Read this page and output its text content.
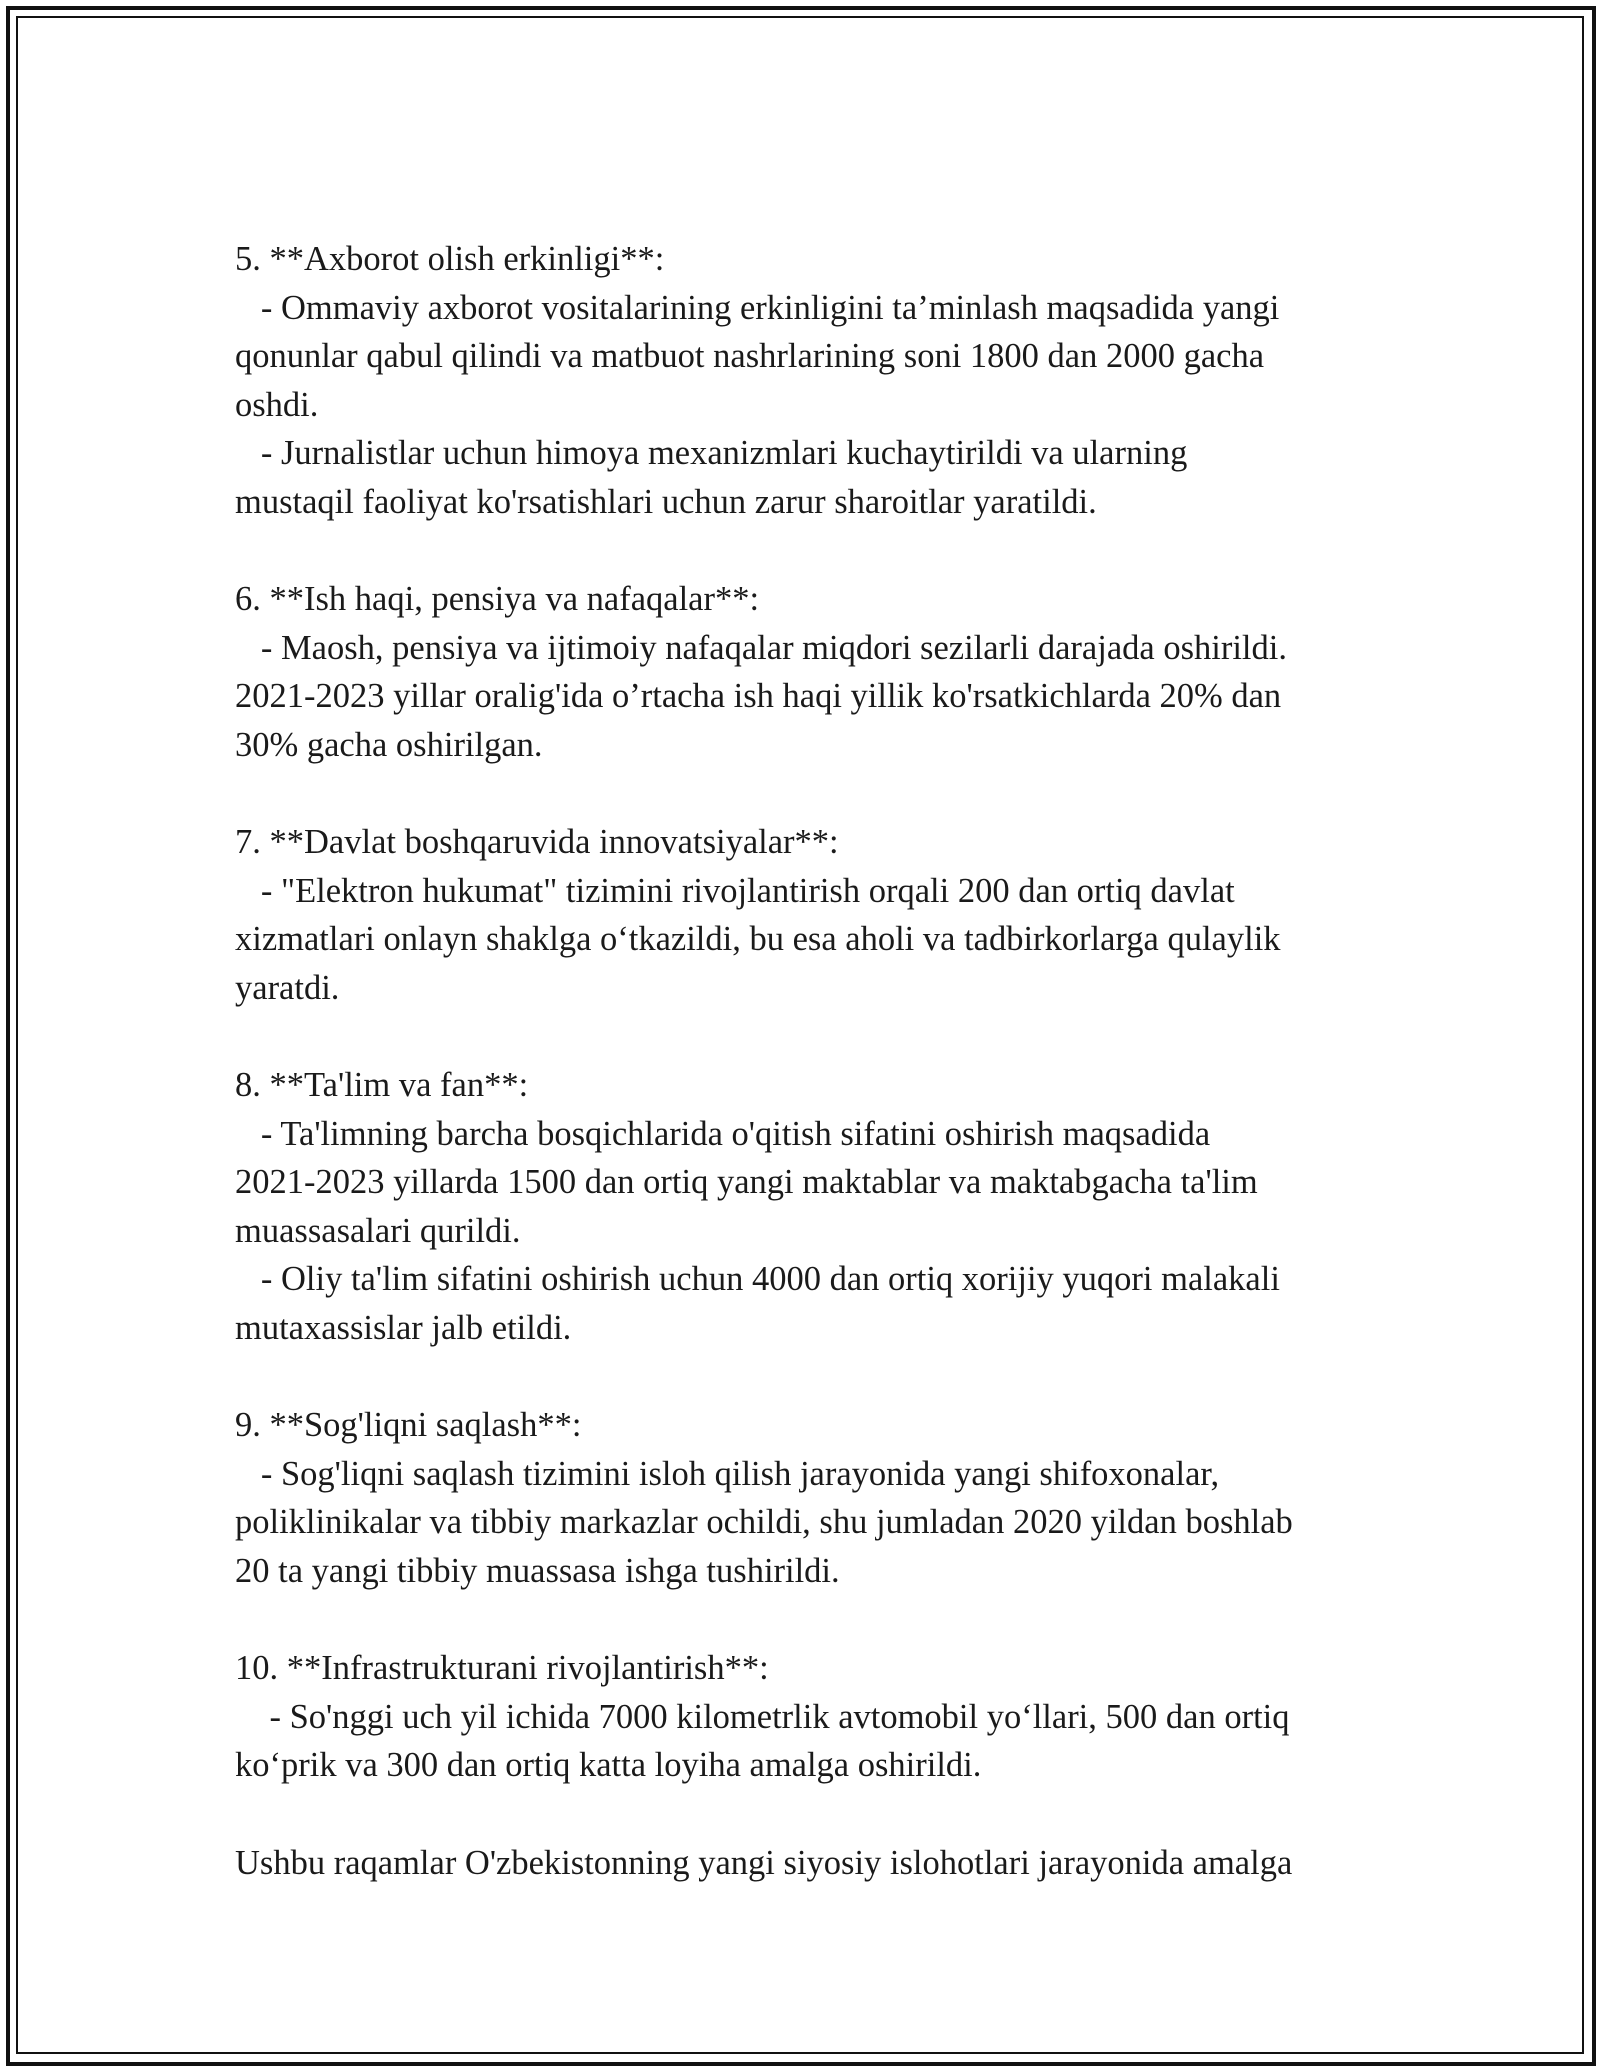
5. **Axborot olish erkinligi**:
- Ommaviy axborot vositalarining erkinligini ta’minlash maqsadida yangi
qonunlar qabul qilindi va matbuot nashrlarining soni 1800 dan 2000 gacha
oshdi.
- Jurnalistlar uchun himoya mexanizmlari kuchaytirildi va ularning
mustaqil faoliyat ko'rsatishlari uchun zarur sharoitlar yaratildi.
6. **Ish haqi, pensiya va nafaqalar**:
- Maosh, pensiya va ijtimoiy nafaqalar miqdori sezilarli darajada oshirildi.
2021-2023 yillar oralig'ida o’rtacha ish haqi yillik ko'rsatkichlarda 20% dan
30% gacha oshirilgan.
7. **Davlat boshqaruvida innovatsiyalar**:
- "Elektron hukumat" tizimini rivojlantirish orqali 200 dan ortiq davlat
xizmatlari onlayn shaklga o‘tkazildi, bu esa aholi va tadbirkorlarga qulaylik
yaratdi.
8. **Ta'lim va fan**:
- Ta'limning barcha bosqichlarida o'qitish sifatini oshirish maqsadida
2021-2023 yillarda 1500 dan ortiq yangi maktablar va maktabgacha ta'lim
muassasalari qurildi.
- Oliy ta'lim sifatini oshirish uchun 4000 dan ortiq xorijiy yuqori malakali
mutaxassislar jalb etildi.
9. **Sog'liqni saqlash**:
- Sog'liqni saqlash tizimini isloh qilish jarayonida yangi shifoxonalar,
poliklinikalar va tibbiy markazlar ochildi, shu jumladan 2020 yildan boshlab
20 ta yangi tibbiy muassasa ishga tushirildi.
10. **Infrastrukturani rivojlantirish**:
- So'nggi uch yil ichida 7000 kilometrlik avtomobil yo‘llari, 500 dan ortiq
ko‘prik va 300 dan ortiq katta loyiha amalga oshirildi.
Ushbu raqamlar O'zbekistonning yangi siyosiy islohotlari jarayonida amalga
